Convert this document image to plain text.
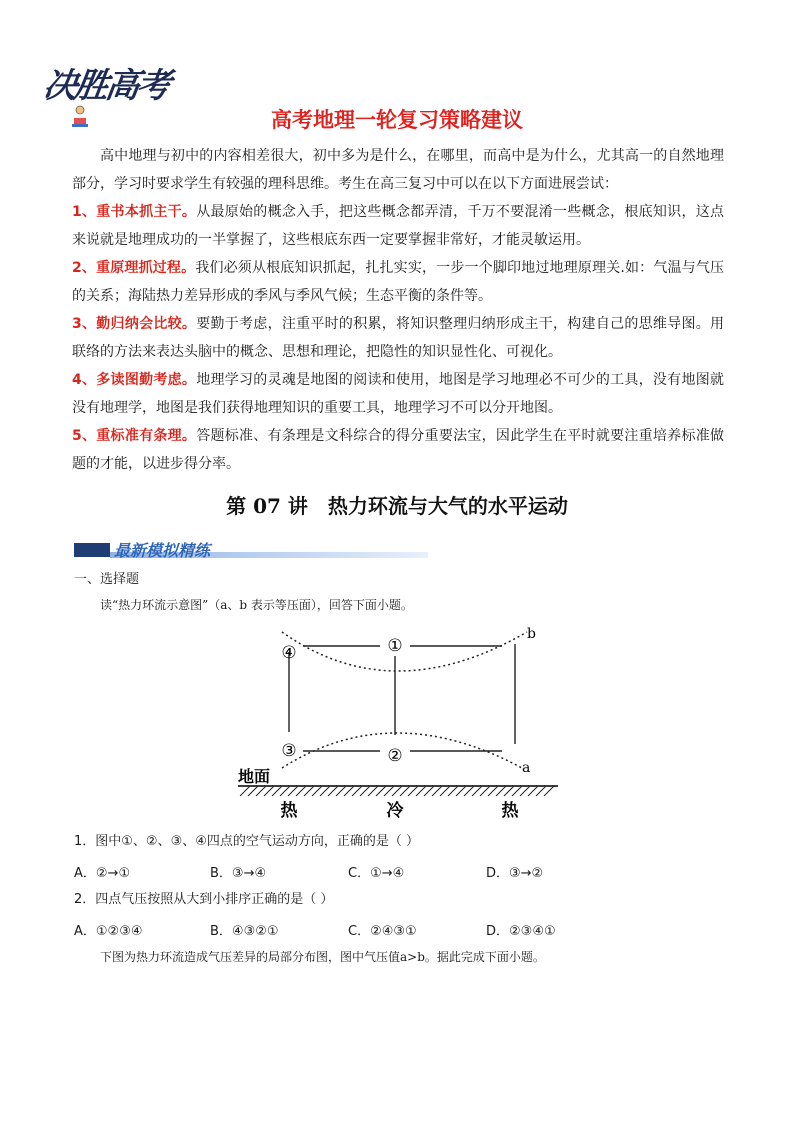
决胜高考
高考地理一轮复习策略建议
高中地理与初中的内容相差很大，初中多为是什么，在哪里，而高中是为什么，尤其高一的自然地理部分，学习时要求学生有较强的理科思维。考生在高三复习中可以在以下方面进展尝试：
1、重书本抓主干。从最原始的概念入手，把这些概念都弄清，千万不要混淆一些概念，根底知识，这点来说就是地理成功的一半掌握了，这些根底东西一定要掌握非常好，才能灵敏运用。
2、重原理抓过程。我们必须从根底知识抓起，扎扎实实，一步一个脚印地过地理原理关.如：气温与气压的关系；海陆热力差异形成的季风与季风气候；生态平衡的条件等。
3、勤归纳会比较。要勤于考虑，注重平时的积累，将知识整理归纳形成主干，构建自己的思维导图。用联络的方法来表达头脑中的概念、思想和理论，把隐性的知识显性化、可视化。
4、多读图勤考虑。地理学习的灵魂是地图的阅读和使用，地图是学习地理必不可少的工具，没有地图就没有地理学，地图是我们获得地理知识的重要工具，地理学习不可以分开地图。
5、重标准有条理。答题标准、有条理是文科综合的得分重要法宝，因此学生在平时就要注重培养标准做题的才能，以进步得分率。
第 07 讲　热力环流与大气的水平运动
最新模拟精练
一、选择题
读“热力环流示意图”（a、b 表示等压面），回答下面小题。
①
②
③
④
b
a
地面
热	冷	热
1．图中①、②、③、④四点的空气运动方向，正确的是（ ）
A．②→①	B．③→④	C．①→④	D．③→②
2．四点气压按照从大到小排序正确的是（ ）
A．①②③④	B．④③②①	C．②④③①	D．②③④①
下图为热力环流造成气压差异的局部分布图，图中气压值a>b。据此完成下面小题。
